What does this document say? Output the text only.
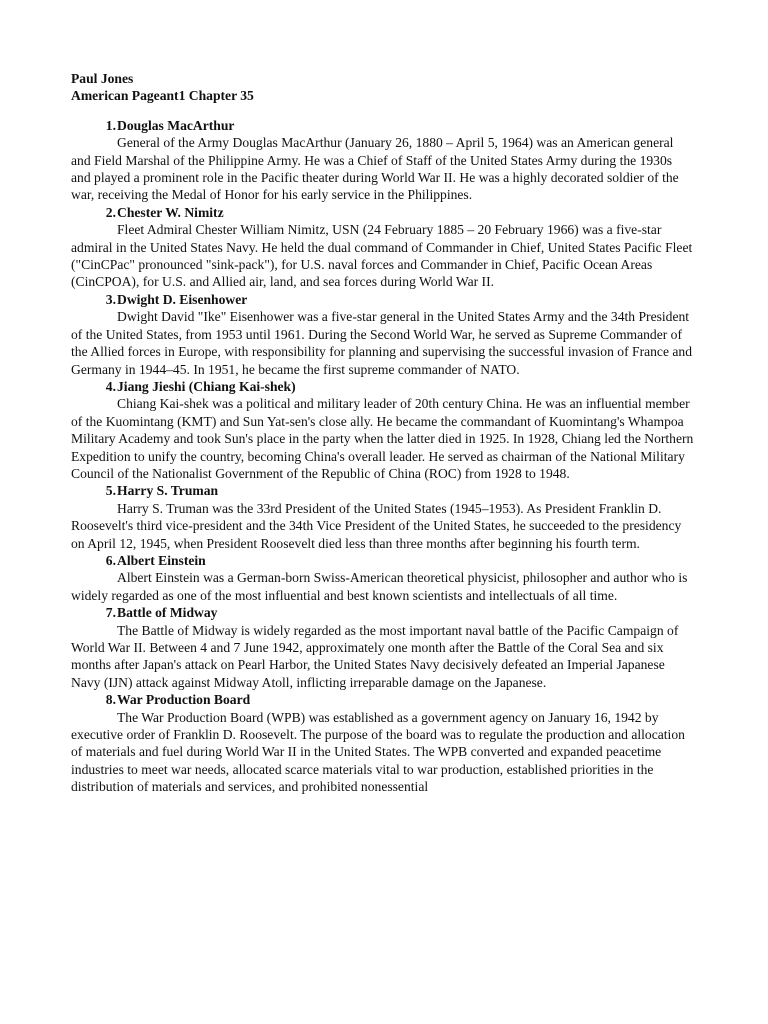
Paul Jones

American Pageant1 Chapter 35

1. Douglas MacArthur

General of the Army Douglas MacArthur (January 26, 1880 – April 5, 1964) was an American general and Field Marshal of the Philippine Army. He was a Chief of Staff of the United States Army during the 1930s and played a prominent role in the Pacific theater during World War II. He was a highly decorated soldier of the war, receiving the Medal of Honor for his early service in the Philippines.

2. Chester W. Nimitz

Fleet Admiral Chester William Nimitz, USN (24 February 1885 – 20 February 1966) was a five-star admiral in the United States Navy. He held the dual command of Commander in Chief, United States Pacific Fleet ("CinCPac" pronounced "sink-pack"), for U.S. naval forces and Commander in Chief, Pacific Ocean Areas (CinCPOA), for U.S. and Allied air, land, and sea forces during World War II.

3. Dwight D. Eisenhower

Dwight David "Ike" Eisenhower was a five-star general in the United States Army and the 34th President of the United States, from 1953 until 1961. During the Second World War, he served as Supreme Commander of the Allied forces in Europe, with responsibility for planning and supervising the successful invasion of France and Germany in 1944–45. In 1951, he became the first supreme commander of NATO.

4. Jiang Jieshi (Chiang Kai-shek)

Chiang Kai-shek was a political and military leader of 20th century China. He was an influential member of the Kuomintang (KMT) and Sun Yat-sen's close ally. He became the commandant of Kuomintang's Whampoa Military Academy and took Sun's place in the party when the latter died in 1925. In 1928, Chiang led the Northern Expedition to unify the country, becoming China's overall leader. He served as chairman of the National Military Council of the Nationalist Government of the Republic of China (ROC) from 1928 to 1948.

5. Harry S. Truman

Harry S. Truman was the 33rd President of the United States (1945–1953). As President Franklin D. Roosevelt's third vice-president and the 34th Vice President of the United States, he succeeded to the presidency on April 12, 1945, when President Roosevelt died less than three months after beginning his fourth term.

6. Albert Einstein

Albert Einstein was a German-born Swiss-American theoretical physicist, philosopher and author who is widely regarded as one of the most influential and best known scientists and intellectuals of all time.

7. Battle of Midway

The Battle of Midway is widely regarded as the most important naval battle of the Pacific Campaign of World War II. Between 4 and 7 June 1942, approximately one month after the Battle of the Coral Sea and six months after Japan's attack on Pearl Harbor, the United States Navy decisively defeated an Imperial Japanese Navy (IJN) attack against Midway Atoll, inflicting irreparable damage on the Japanese.

8. War Production Board

The War Production Board (WPB) was established as a government agency on January 16, 1942 by executive order of Franklin D. Roosevelt. The purpose of the board was to regulate the production and allocation of materials and fuel during World War II in the United States. The WPB converted and expanded peacetime industries to meet war needs, allocated scarce materials vital to war production, established priorities in the distribution of materials and services, and prohibited nonessential
